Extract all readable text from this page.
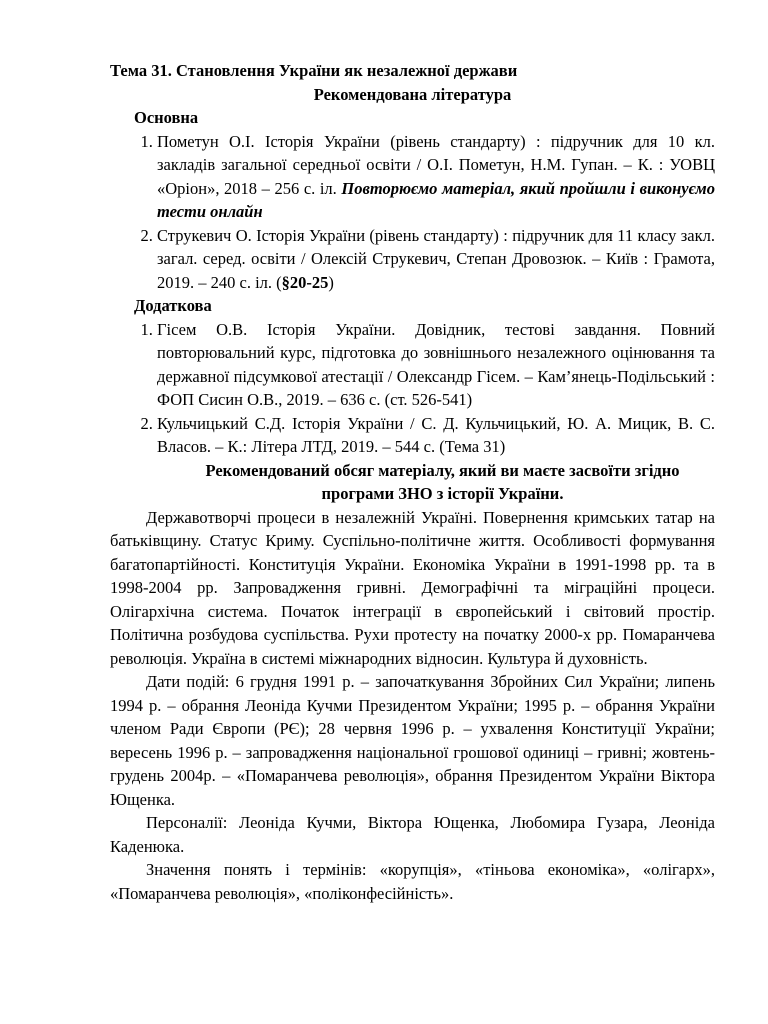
Тема 31. Становлення України як незалежної держави

Рекомендована література

Основна

1. Пометун О.І. Історія України (рівень стандарту) : підручник для 10 кл. закладів загальної середньої освіти / О.І. Пометун, Н.М. Гупан. – К. : УОВЦ «Оріон», 2018 – 256 с. іл. Повторюємо матеріал, який пройшли і виконуємо тести онлайн
2. Струкевич О. Історія України (рівень стандарту) : підручник для 11 класу закл. загал. серед. освіти / Олексій Струкевич, Степан Дровозюк. – Київ : Грамота, 2019. – 240 с. іл. (§20-25)

Додаткова

1. Гісем О.В. Історія України. Довідник, тестові завдання. Повний повторювальний курс, підготовка до зовнішнього незалежного оцінювання та державної підсумкової атестації / Олександр Гісем. – Кам’янець-Подільський : ФОП Сисин О.В., 2019. – 636 с. (ст. 526-541)
2. Кульчицький С.Д. Історія України / С. Д. Кульчицький, Ю. А. Мицик, В. С. Власов. – К.: Літера ЛТД, 2019. – 544 с. (Тема 31)

Рекомендований обсяг матеріалу, який ви маєте засвоїти згідно програми ЗНО з історії України.

Державотворчі процеси в незалежній Україні. Повернення кримських татар на батьківщину. Статус Криму. Суспільно-політичне життя. Особливості формування багатопартійності. Конституція України. Економіка України в 1991-1998 рр. та в 1998-2004 рр. Запровадження гривні. Демографічні та міграційні процеси. Олігархічна система. Початок інтеграції в європейський і світовий простір. Політична розбудова суспільства. Рухи протесту на початку 2000-х рр. Помаранчева революція. Україна в системі міжнародних відносин. Культура й духовність.

Дати подій: 6 грудня 1991 р. – започаткування Збройних Сил України; липень 1994 р. – обрання Леоніда Кучми Президентом України; 1995 р. – обрання України членом Ради Європи (РЄ); 28 червня 1996 р. – ухвалення Конституції України; вересень 1996 р. – запровадження національної грошової одиниці – гривні; жовтень-грудень 2004р. – «Помаранчева революція», обрання Президентом України Віктора Ющенка.

Персоналії: Леоніда Кучми, Віктора Ющенка, Любомира Гузара, Леоніда Каденюка.

Значення понять і термінів: «корупція», «тіньова економіка», «олігарх», «Помаранчева революція», «поліконфесійність».
